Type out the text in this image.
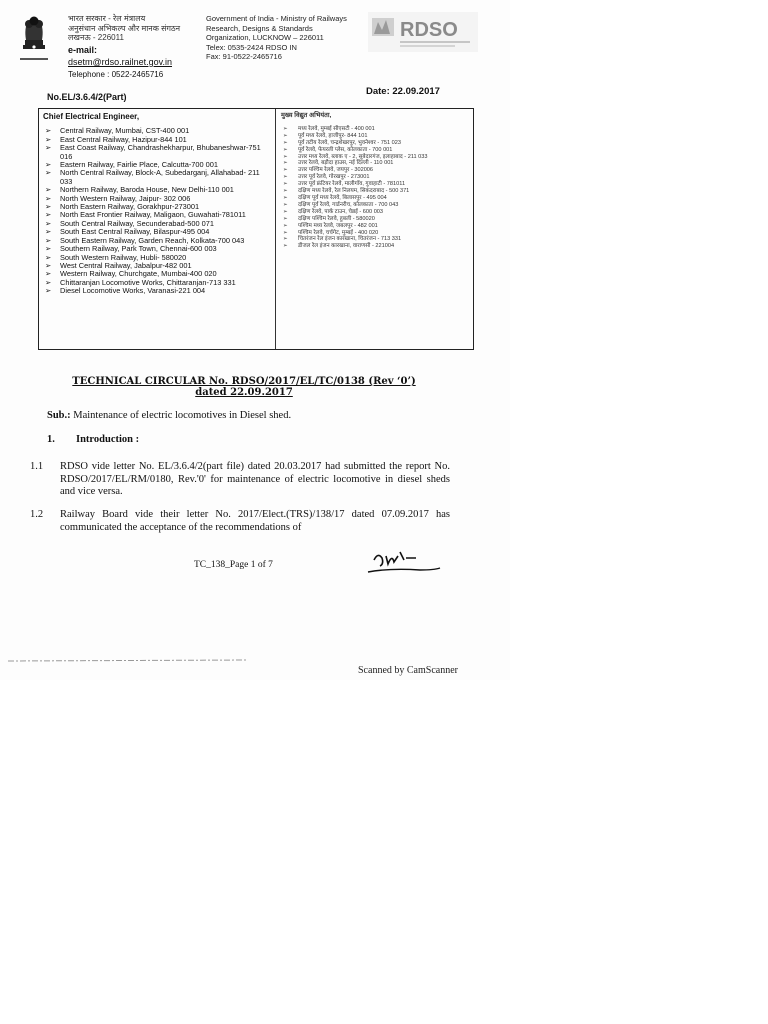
भारत सरकार - रेल मंत्रालय
अनुसंधान अभिकल्प और मानक संगठन
लखनऊ - 226011
e-mail:
dsetm@rdso.railnet.gov.in
Telephone : 0522-2465716
Government of India - Ministry of Railways
Research, Designs & Standards
Organization, LUCKNOW – 226011
Telex: 0535-2424 RDSO IN
Fax: 91-0522-2465716
RDSO
No.EL/3.6.4/2(Part)	Date: 22.09.2017
Chief Electrical Engineer,
➢ Central Railway, Mumbai, CST-400 001
➢ East Central Railway, Hazipur-844 101
➢ East Coast Railway, Chandrashekharpur, Bhubaneshwar-751 016
➢ Eastern Railway, Fairlie Place, Calcutta-700 001
➢ North Central Railway, Block-A, Subedarganj, Allahabad- 211 033
➢ Northern Railway, Baroda House, New Delhi-110 001
➢ North Western Railway, Jaipur- 302 006
➢ North Eastern Railway, Gorakhpur-273001
➢ North East Frontier Railway, Maligaon, Guwahati-781011
➢ South Central Railway, Secunderabad-500 071
➢ South East Central Railway, Bilaspur-495 004
➢ South Eastern Railway, Garden Reach, Kolkata-700 043
➢ Southern Railway, Park Town, Chennai-600 003
➢ South Western Railway, Hubli- 580020
➢ West Central Railway, Jabalpur-482 001
➢ Western Railway, Churchgate, Mumbai-400 020
➢ Chittaranjan Locomotive Works, Chittaranjan-713 331
➢ Diesel Locomotive Works, Varanasi-221 004
मुख्य विद्युत अभियंता,
➢ मध्य रेलवे, मुम्बई सीएसटी - 400 001
➢ पूर्व मध्य रेलवे, हाजीपुर- 844 101
➢ पूर्व तटीय रेलवे, चन्द्रशेखरपुर, भुवनेश्वर - 751 023
➢ पूर्व रेलवे, फेयरली प्लेस, कोलकाता - 700 001
➢ उत्तर मध्य रेलवे, ब्लाक ए - 2, सूबेदारगंज, इलाहाबाद - 211 033
➢ उत्तर रेलवे, बड़ौदा हाउस, नई दिल्ली - 110 001
➢ उत्तर पश्चिम रेलवे, जयपुर - 302006
➢ उत्तर पूर्व रेलवे, गोरखपुर - 273001
➢ उत्तर पूर्व फ्रंटियर रेलवे, मालीगाँव, गुवाहाटी - 781011
➢ दक्षिण मध्य रेलवे, रेल निलयम, सिकंदराबाद - 500 371
➢ दक्षिण पूर्व मध्य रेलवे, बिलासपुर - 495 004
➢ दक्षिण पूर्व रेलवे, गार्डनरीच, कोलकाता - 700 043
➢ दक्षिण रेलवे, पार्क टाउन, चेन्नई - 600 003
➢ दक्षिण पश्चिम रेलवे, हुबली - 580020
➢ पश्चिम मध्य रेलवे, जबलपुर - 482 001
➢ पश्चिम रेलवे, चर्चगेट, मुम्बई - 400 020
➢ चितरंजन रेल इंजन कारखाना, चितरंजन - 713 331
➢ डीजल रेल इंजन कारखाना, वाराणसी - 221004
TECHNICAL CIRCULAR No. RDSO/2017/EL/TC/0138 (Rev ‘0’)
dated 22.09.2017
Sub.: Maintenance of electric locomotives in Diesel shed.
1. Introduction :
1.1 RDSO vide letter No. EL/3.6.4/2(part file) dated 20.03.2017 had submitted the report No. RDSO/2017/EL/RM/0180, Rev.'0' for maintenance of electric locomotive in diesel sheds and vice versa.
1.2 Railway Board vide their letter No. 2017/Elect.(TRS)/138/17 dated 07.09.2017 has communicated the acceptance of the recommendations of
TC_138_Page 1 of 7
Scanned by CamScanner
